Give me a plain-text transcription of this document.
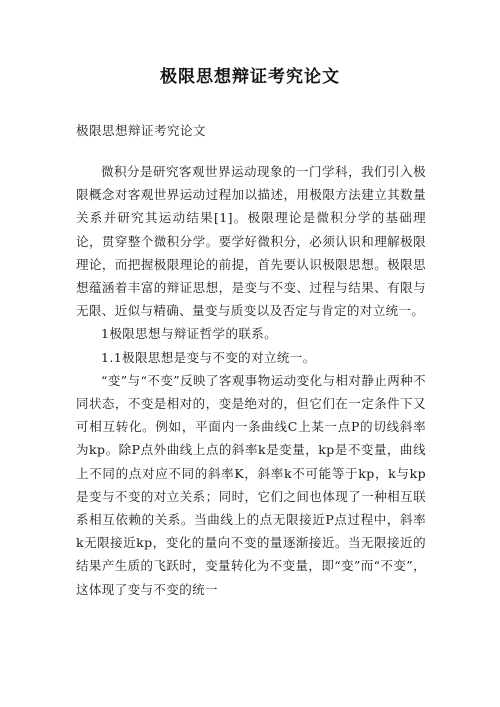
极限思想辩证考究论文
极限思想辩证考究论文

微积分是研究客观世界运动现象的一门学科，我们引入极限概念对客观世界运动过程加以描述，用极限方法建立其数量关系并研究其运动结果[1]。极限理论是微积分学的基础理论，贯穿整个微积分学。要学好微积分，必须认识和理解极限理论，而把握极限理论的前提，首先要认识极限思想。极限思想蕴涵着丰富的辩证思想，是变与不变、过程与结果、有限与无限、近似与精确、量变与质变以及否定与肯定的对立统一。

1极限思想与辩证哲学的联系。

1.1极限思想是变与不变的对立统一。

“变”与“不变”反映了客观事物运动变化与相对静止两种不同状态，不变是相对的，变是绝对的，但它们在一定条件下又可相互转化。例如，平面内一条曲线C上某一点P的切线斜率为kp。除P点外曲线上点的斜率k是变量，kp是不变量，曲线上不同的点对应不同的斜率K，斜率k不可能等于kp，k与kp是变与不变的对立关系；同时，它们之间也体现了一种相互联系相互依赖的关系。当曲线上的点无限接近P点过程中，斜率k无限接近kp，变化的量向不变的量逐渐接近。当无限接近的结果产生质的飞跃时，变量转化为不变量，即“变”而“不变”，这体现了变与不变的统一
